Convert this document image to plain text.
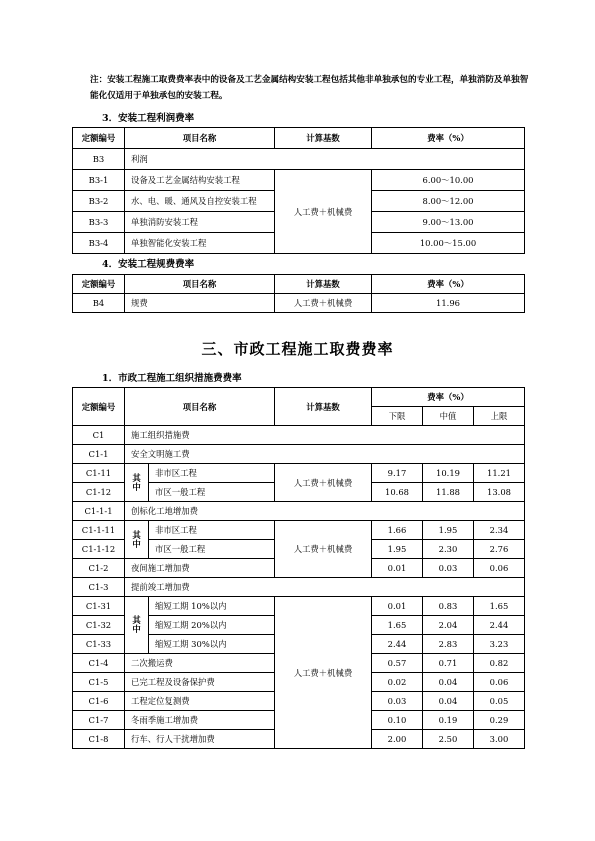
注：安装工程施工取费费率表中的设备及工艺金属结构安装工程包括其他非单独承包的专业工程，单独消防及单独智能化仅适用于单独承包的安装工程。
3．安装工程利润费率
定额编号	项目名称	计算基数	费率（%）
B3	利润		
B3-1	设备及工艺金属结构安装工程	人工费＋机械费	6.00～10.00
B3-2	水、电、暖、通风及自控安装工程		8.00～12.00
B3-3	单独消防安装工程		9.00～13.00
B3-4	单独智能化安装工程		10.00～15.00
4．安装工程规费费率
定额编号	项目名称	计算基数	费率（%）
B4	规费	人工费＋机械费	11.96
三、市政工程施工取费费率
1．市政工程施工组织措施费费率
定额编号	项目名称		计算基数	费率（%）		
				下限	中值	上限
C1	施工组织措施费					
C1-1	安全文明施工费					
C1-11	其中	非市区工程	人工费＋机械费	9.17	10.19	11.21
C1-12		市区一般工程		10.68	11.88	13.08
C1-1-1	创标化工地增加费					
C1-1-11	其中	非市区工程	人工费＋机械费	1.66	1.95	2.34
C1-1-12		市区一般工程		1.95	2.30	2.76
C1-2	夜间施工增加费			0.01	0.03	0.06
C1-3	提前竣工增加费					
C1-31	其中	缩短工期 10%以内	人工费＋机械费	0.01	0.83	1.65
C1-32		缩短工期 20%以内		1.65	2.04	2.44
C1-33		缩短工期 30%以内		2.44	2.83	3.23
C1-4	二次搬运费			0.57	0.71	0.82
C1-5	已完工程及设备保护费			0.02	0.04	0.06
C1-6	工程定位复测费			0.03	0.04	0.05
C1-7	冬雨季施工增加费			0.10	0.19	0.29
C1-8	行车、行人干扰增加费			2.00	2.50	3.00
